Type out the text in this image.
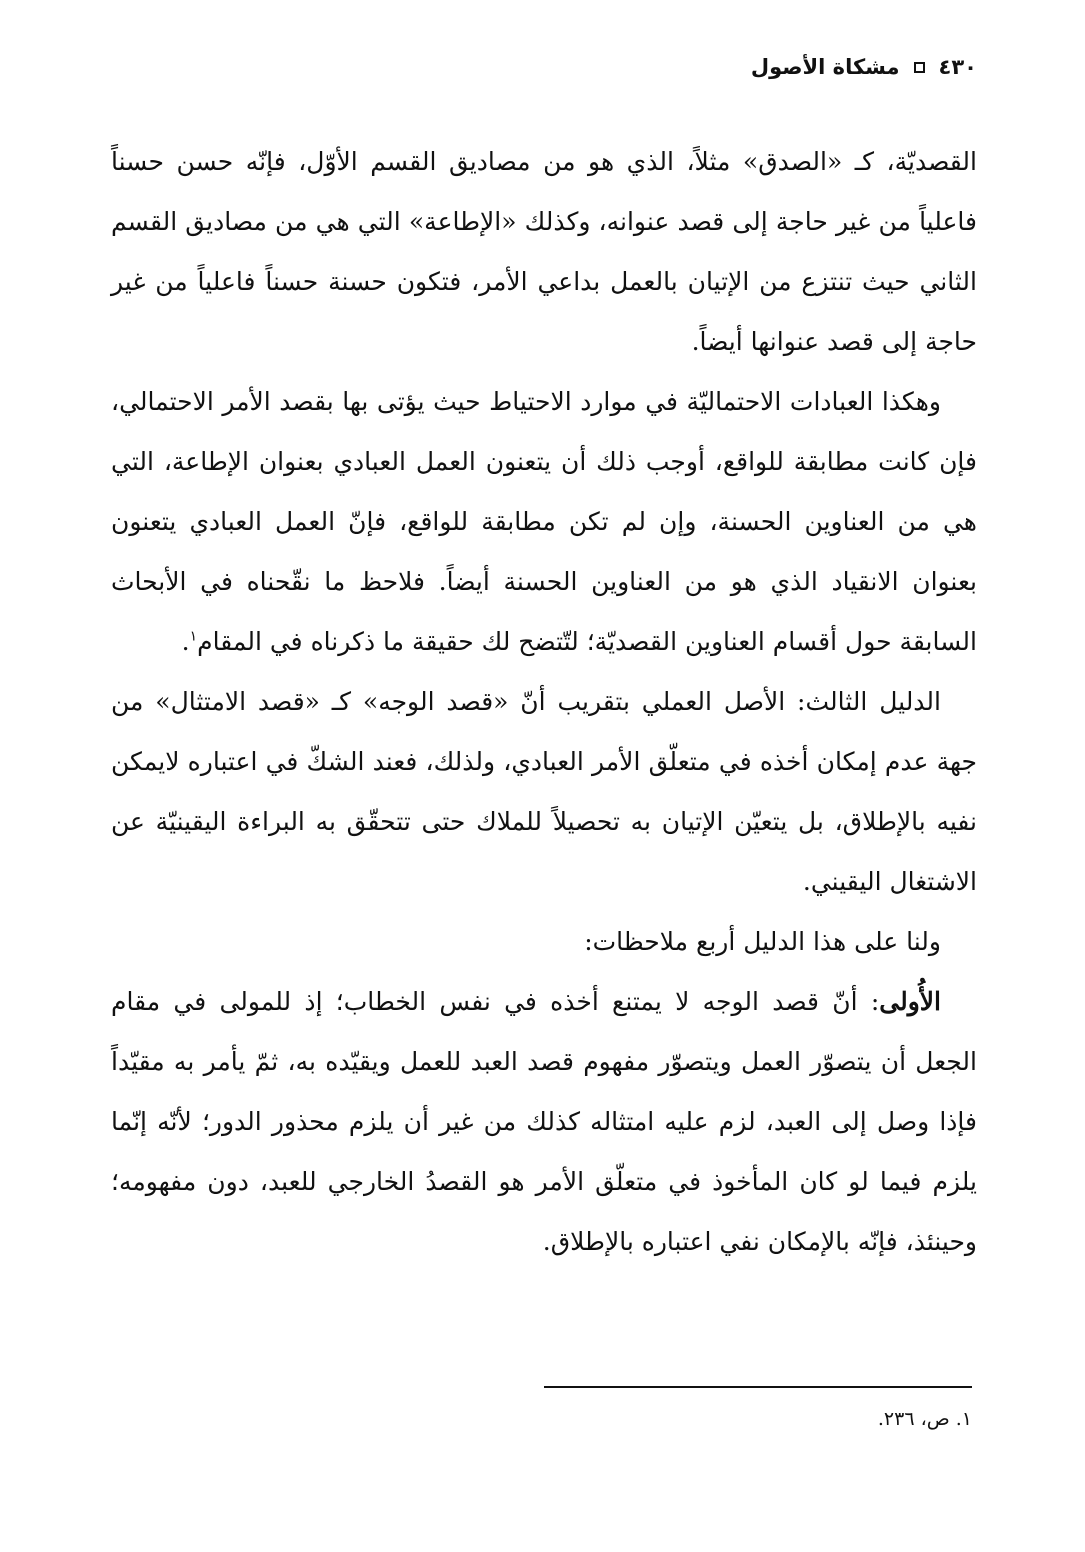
٤٣٠
مشكاة الأصول

القصديّة، كـ «الصدق» مثلاً، الذي هو من مصاديق القسم الأوّل، فإنّه حسن حسناً فاعلياً من غير حاجة إلى قصد عنوانه، وكذلك «الإطاعة» التي هي من مصاديق القسم الثاني حيث تنتزع من الإتيان بالعمل بداعي الأمر، فتكون حسنة حسناً فاعلياً من غير حاجة إلى قصد عنوانها أيضاً.

وهكذا العبادات الاحتماليّة في موارد الاحتياط حيث يؤتى بها بقصد الأمر الاحتمالي، فإن كانت مطابقة للواقع، أوجب ذلك أن يتعنون العمل العبادي بعنوان الإطاعة، التي هي من العناوين الحسنة، وإن لم تكن مطابقة للواقع، فإنّ العمل العبادي يتعنون بعنوان الانقياد الذي هو من العناوين الحسنة أيضاً. فلاحظ ما نقّحناه في الأبحاث السابقة حول أقسام العناوين القصديّة؛ لتّتضح لك حقيقة ما ذكرناه في المقام$^١$.

الدليل الثالث: الأصل العملي بتقريب أنّ «قصد الوجه» كـ «قصد الامتثال» من جهة عدم إمكان أخذه في متعلّق الأمر العبادي، ولذلك، فعند الشكّ في اعتباره لايمكن نفيه بالإطلاق، بل يتعيّن الإتيان به تحصيلاً للملاك حتى تتحقّق به البراءة اليقينيّة عن الاشتغال اليقيني.

ولنا على هذا الدليل أربع ملاحظات:

الأُولى: أنّ قصد الوجه لا يمتنع أخذه في نفس الخطاب؛ إذ للمولى في مقام الجعل أن يتصوّر العمل ويتصوّر مفهوم قصد العبد للعمل ويقيّده به، ثمّ يأمر به مقيّداً فإذا وصل إلى العبد، لزم عليه امتثاله كذلك من غير أن يلزم محذور الدور؛ لأنّه إنّما يلزم فيما لو كان المأخوذ في متعلّق الأمر هو القصدُ الخارجي للعبد، دون مفهومه؛ وحينئذ، فإنّه بالإمكان نفي اعتباره بالإطلاق.

١. ص، ٢٣٦.
